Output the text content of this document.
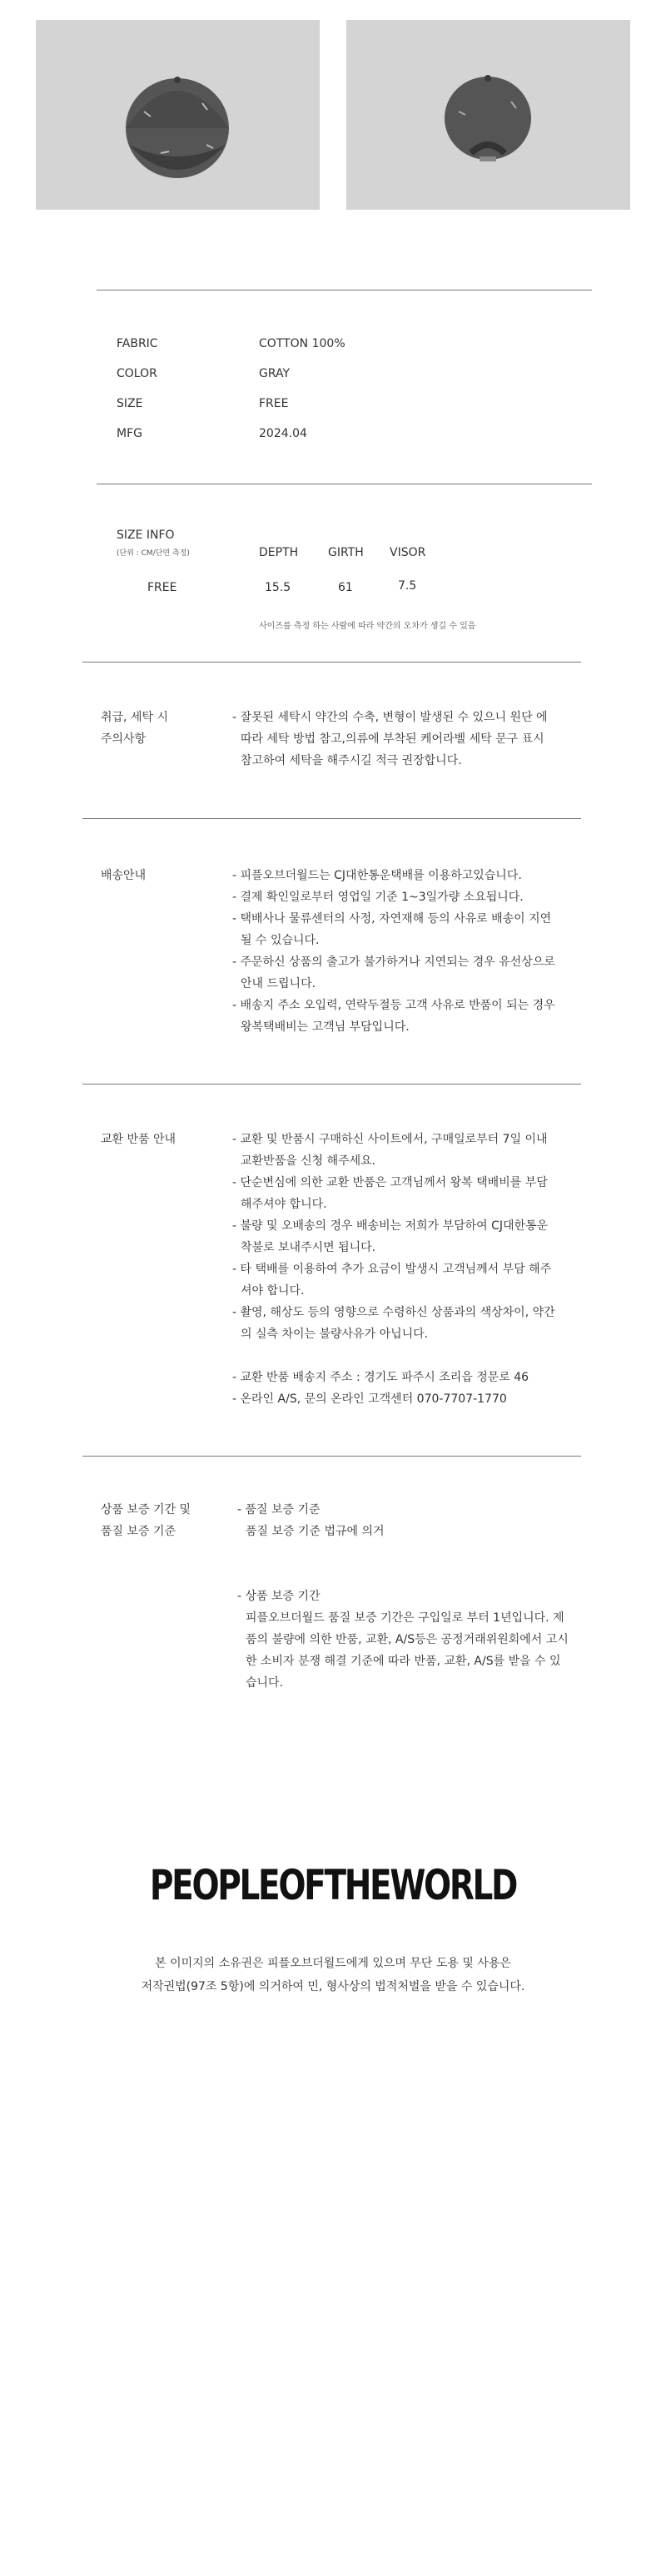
FABRIC	COTTON 100%
COLOR	GRAY
SIZE	FREE
MFG	2024.04
SIZE INFO
(단위 : CM/단면 측정)	DEPTH	GIRTH VISOR
FREE	15.5	61	7.5
사이즈를 측정 하는 사람에 따라 약간의 오차가 생길 수 있음
취급, 세탁 시
주의사항
- 잘못된 세탁시 약간의 수축, 변형이 발생된 수 있으니 원단 에 따라 세탁 방법 참고,의류에 부착된 케어라벨 세탁 문구 표시 참고하여 세탁을 해주시길 적극 권장합니다.
배송안내	- 피플오브더월드는 CJ대한통운택배를 이용하고있습니다.
- 결제 확인일로부터 영업일 기준 1~3일가량 소요됩니다.
- 택배사나 물류센터의 사정, 자연재해 등의 사유로 배송이 지연될 수 있습니다.
- 주문하신 상품의 출고가 불가하거나 지연되는 경우 유선상으로 안내 드립니다.
- 배송지 주소 오입력, 연락두절등 고객 사유로 반품이 되는 경우 왕복택배비는 고객님 부담입니다.
교환 반품 안내	- 교환 및 반품시 구매하신 사이트에서, 구매일로부터 7일 이내 교환반품을 신청 해주세요.
- 단순변심에 의한 교환 반품은 고객님께서 왕복 택배비를 부담 해주셔야 합니다.
- 불량 및 오배송의 경우 배송비는 저희가 부담하여 CJ대한통운 착불로 보내주시면 됩니다.
- 타 택배를 이용하여 추가 요금이 발생시 고객님께서 부담 해주셔야 합니다.
- 촬영, 해상도 등의 영향으로 수령하신 상품과의 색상차이, 약간의 실측 차이는 불량사유가 아닙니다.
- 교환 반품 배송지 주소 : 경기도 파주시 조리읍 정문로 46
- 온라인 A/S, 문의 온라인 고객센터 070-7707-1770
상품 보증 기간 및
품질 보증 기준
- 품질 보증 기준
품질 보증 기준 법규에 의거
- 상품 보증 기간
피플오브더월드 품질 보증 기간은 구입일로 부터 1년입니다. 제품의 불량에 의한 반품, 교환, A/S등은 공정거래위원회에서 고시한 소비자 분쟁 해결 기준에 따라 반품, 교환, A/S를 받을 수 있습니다.
PEOPLEOFTHEWORLD
본 이미지의 소유권은 피플오브더월드에게 있으며 무단 도용 및 사용은
저작권법(97조 5항)에 의거하여 민, 형사상의 법적처벌을 받을 수 있습니다.
